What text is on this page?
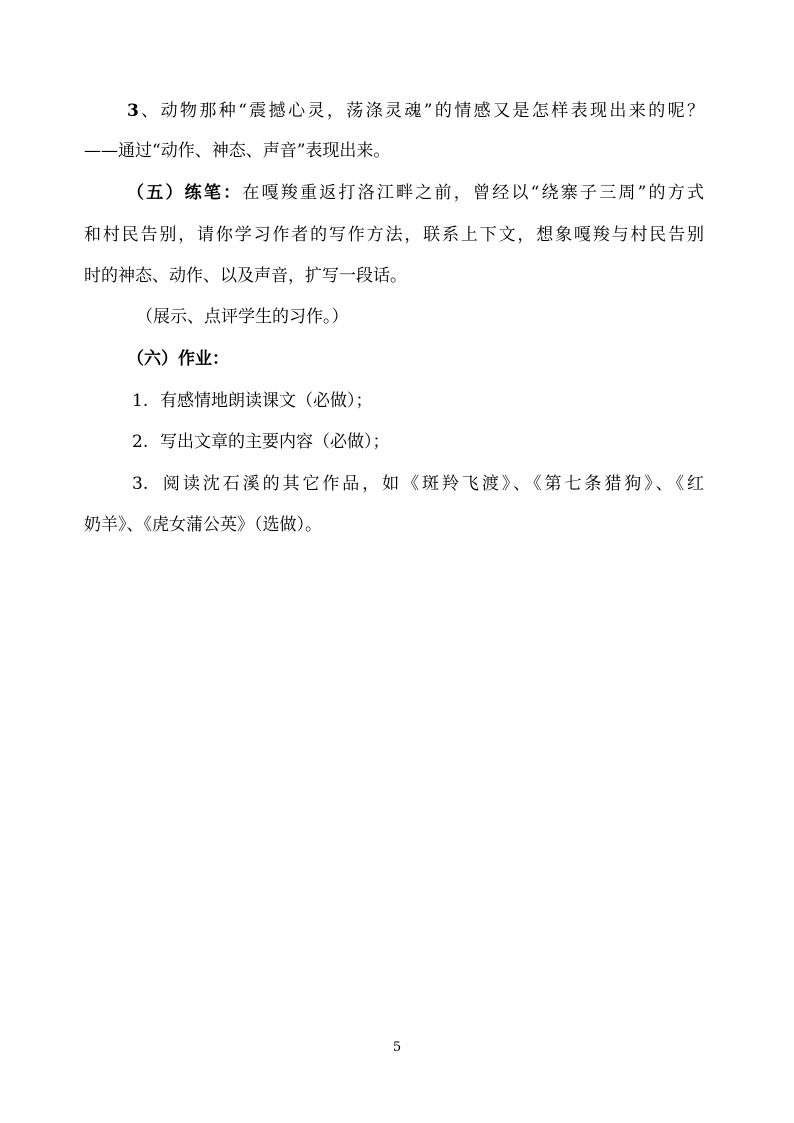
3、动物那种“震撼心灵，荡涤灵魂”的情感又是怎样表现出来的呢？
——通过“动作、神态、声音”表现出来。
（五）练笔：在嘎羧重返打洛江畔之前，曾经以“绕寨子三周”的方式
和村民告别，请你学习作者的写作方法，联系上下文，想象嘎羧与村民告别
时的神态、动作、以及声音，扩写一段话。
（展示、点评学生的习作。）
（六）作业：
1. 有感情地朗读课文（必做）；
2. 写出文章的主要内容（必做）；
3. 阅读沈石溪的其它作品，如《斑羚飞渡》、《第七条猎狗》、《红
奶羊》、《虎女蒲公英》（选做）。
5
